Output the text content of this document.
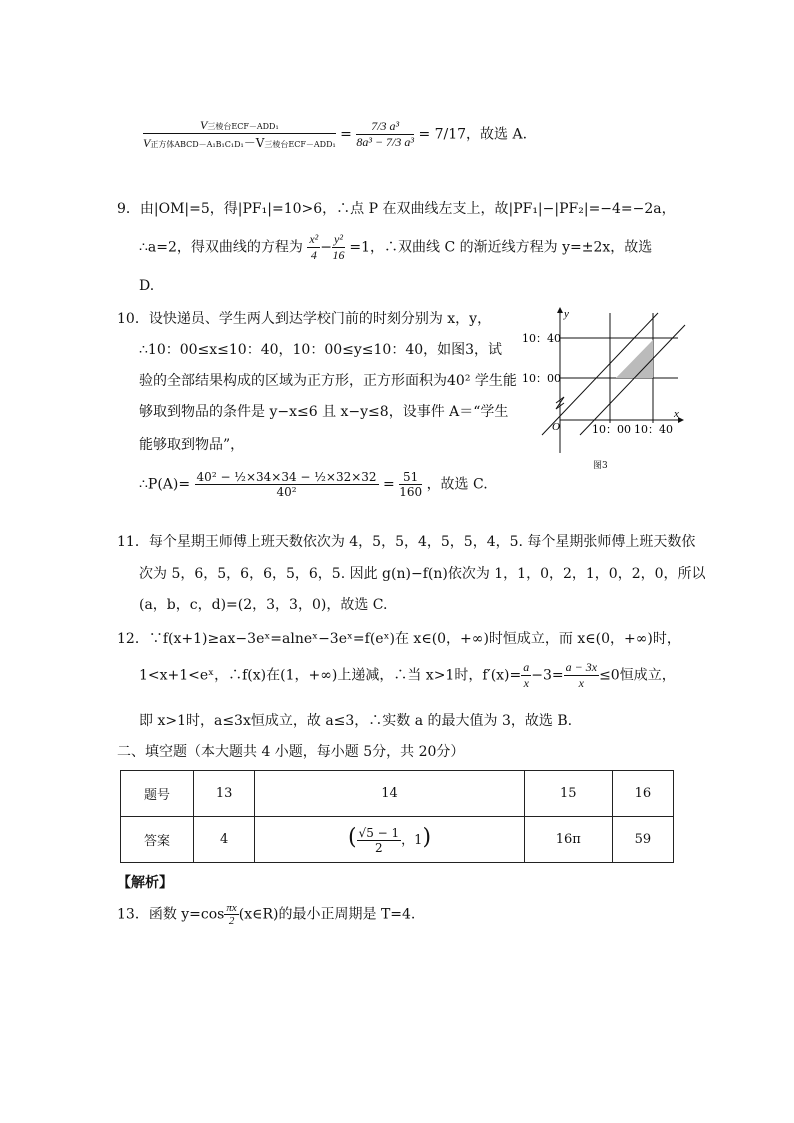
$\frac{\text{V三棱台ECF－ADD₁}}{\text{V正方体ABCD－A₁B₁C₁D₁－V三棱台ECF－ADD₁}} = \frac{\text{7/3 a³}}{\text{8a³ − 7/3 a³}} = 7/17$，故选 A.
9．由|OM|=5，得|PF₁|=10>6，∴点 P 在双曲线左支上，故|PF₁|−|PF₂|=−4=−2a，
∴a=2，得双曲线的方程为 $\frac{\text{x²}}{4} - \frac{\text{y²}}{16} =1$，∴双曲线 C 的渐近线方程为 y=±2x，故选
D.
10．设快递员、学生两人到达学校门前的时刻分别为 x，y，
∴10：00≤x≤10：40，10：00≤y≤10：40，如图3，试
验的全部结果构成的区域为正方形，正方形面积为40² 学生能
够取到物品的条件是 y−x≤6 且 x−y≤8，设事件 A＝“学生
能够取到物品”，
y
x
O
10：40
10：00
10：00 10：40
图3
∴P(A)= $\frac{\text{40² − ½×34×34 − ½×32×32}}{\text{40²}} = \frac{51}{160}$ ，故选 C.
11．每个星期王师傅上班天数依次为 4，5，5，4，5，5，4，5. 每个星期张师傅上班天数依
次为 5，6，5，6，6，5，6，5. 因此 g(n)−f(n)依次为 1，1，0，2，1，0，2，0，所以
(a，b，c，d)=(2，3，3，0)，故选 C.
12．∵f(x+1)≥ax−3eˣ=alneˣ−3eˣ=f(eˣ)在 x∈(0，+∞)时恒成立，而 x∈(0，+∞)时，
1<x+1<eˣ，∴f(x)在(1，+∞)上递减，∴当 x>1时，$f'(x)= \frac{a}{x} -3= \frac{a - 3x}{x} \le 0$恒成立，
即 x>1时，a≤3x恒成立，故 a≤3，∴实数 a 的最大值为 3，故选 B.
二、填空题（本大题共 4 小题，每小题 5分，共 20分）
题号	13	14	15	16
答案	4	( $\frac{√5 - 1}{2}$ ，1)	16π	59
【解析】
13．函数 $y=\cos \frac{\pi x}{2}$ (x∈R)的最小正周期是 T=4.
